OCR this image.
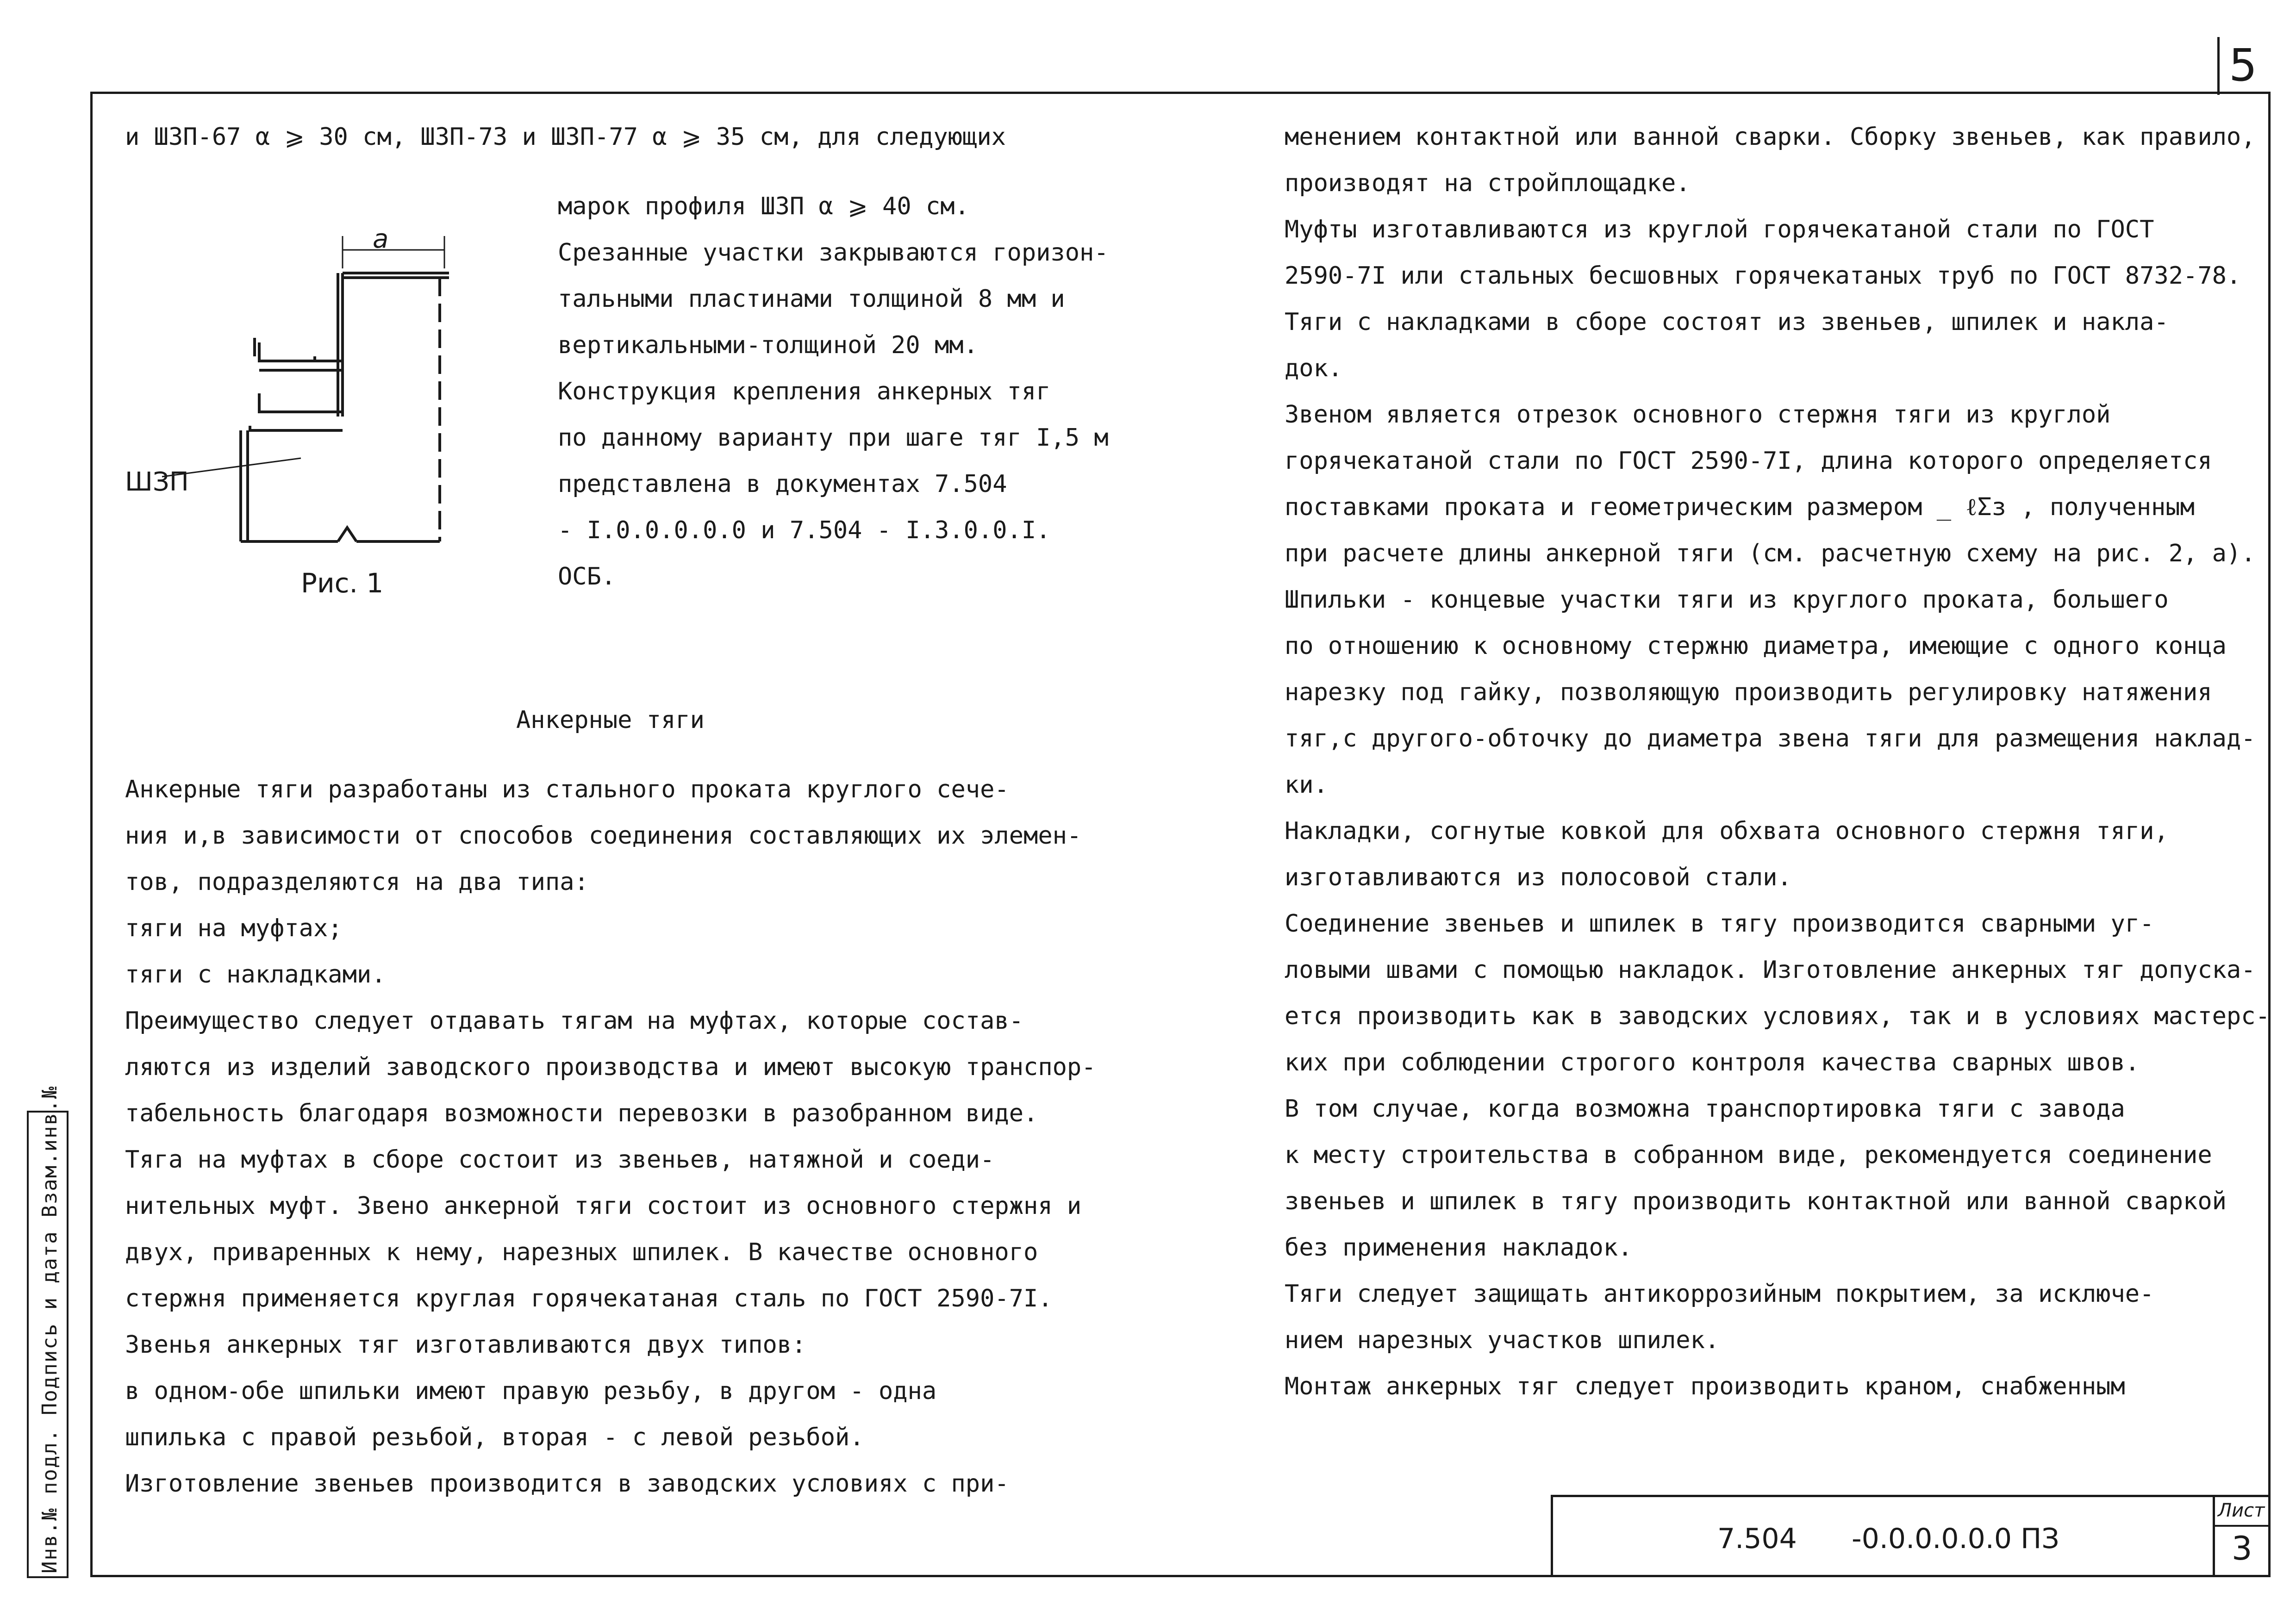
5
Инв.№ подл. Подпись и дата Взам.инв.№
и ШЗП-67 α ⩾ 30 см, ШЗП-73 и ШЗП-77 α ⩾ 35 см, для следующих
a
ШЗП
Рис. 1
марок профиля ШЗП α ⩾ 40 см.
Срезанные участки закрываются горизон-
тальными пластинами толщиной 8 мм и
вертикальными-толщиной 20 мм.
Конструкция крепления анкерных тяг
по данному варианту при шаге тяг I,5 м
представлена в документах 7.504
- I.0.0.0.0.0 и 7.504 - I.3.0.0.I.
ОСБ.
Анкерные тяги
Анкерные тяги разработаны из стального проката круглого сече-
ния и,в зависимости от способов соединения составляющих их элемен-
тов, подразделяются на два типа:
тяги на муфтах;
тяги с накладками.
Преимущество следует отдавать тягам на муфтах, которые состав-
ляются из изделий заводского производства и имеют высокую транспор-
табельность благодаря возможности перевозки в разобранном виде.
Тяга на муфтах в сборе состоит из звеньев, натяжной и соеди-
нительных муфт. Звено анкерной тяги состоит из основного стержня и
двух, приваренных к нему, нарезных шпилек. В качестве основного
стержня применяется круглая горячекатаная сталь по ГОСТ 2590-7I.
Звенья анкерных тяг изготавливаются двух типов:
в одном-обе шпильки имеют правую резьбу, в другом - одна
шпилька с правой резьбой, вторая - с левой резьбой.
Изготовление звеньев производится в заводских условиях с при-
менением контактной или ванной сварки. Сборку звеньев, как правило,
производят на стройплощадке.
Муфты изготавливаются из круглой горячекатаной стали по ГОСТ
2590-7I или стальных бесшовных горячекатаных труб по ГОСТ 8732-78.
Тяги с накладками в сборе состоят из звеньев, шпилек и накла-
док.
Звеном является отрезок основного стержня тяги из круглой
горячекатаной стали по ГОСТ 2590-7I, длина которого определяется
поставками проката и геометрическим размером _ ℓΣз , полученным
при расчете длины анкерной тяги (см. расчетную схему на рис. 2, а).
Шпильки - концевые участки тяги из круглого проката, большего
по отношению к основному стержню диаметра, имеющие с одного конца
нарезку под гайку, позволяющую производить регулировку натяжения
тяг,с другого-обточку до диаметра звена тяги для размещения наклад-
ки.
Накладки, согнутые ковкой для обхвата основного стержня тяги,
изготавливаются из полосовой стали.
Соединение звеньев и шпилек в тягу производится сварными уг-
ловыми швами с помощью накладок. Изготовление анкерных тяг допуска-
ется производить как в заводских условиях, так и в условиях мастерс-
ких при соблюдении строгого контроля качества сварных швов.
В том случае, когда возможна транспортировка тяги с завода
к месту строительства в собранном виде, рекомендуется соединение
звеньев и шпилек в тягу производить контактной или ванной сваркой
без применения накладок.
Тяги следует защищать антикоррозийным покрытием, за исключе-
нием нарезных участков шпилек.
Монтаж анкерных тяг следует производить краном, снабженным
7.504 -0.0.0.0.0.0 ПЗ
Лист
3
